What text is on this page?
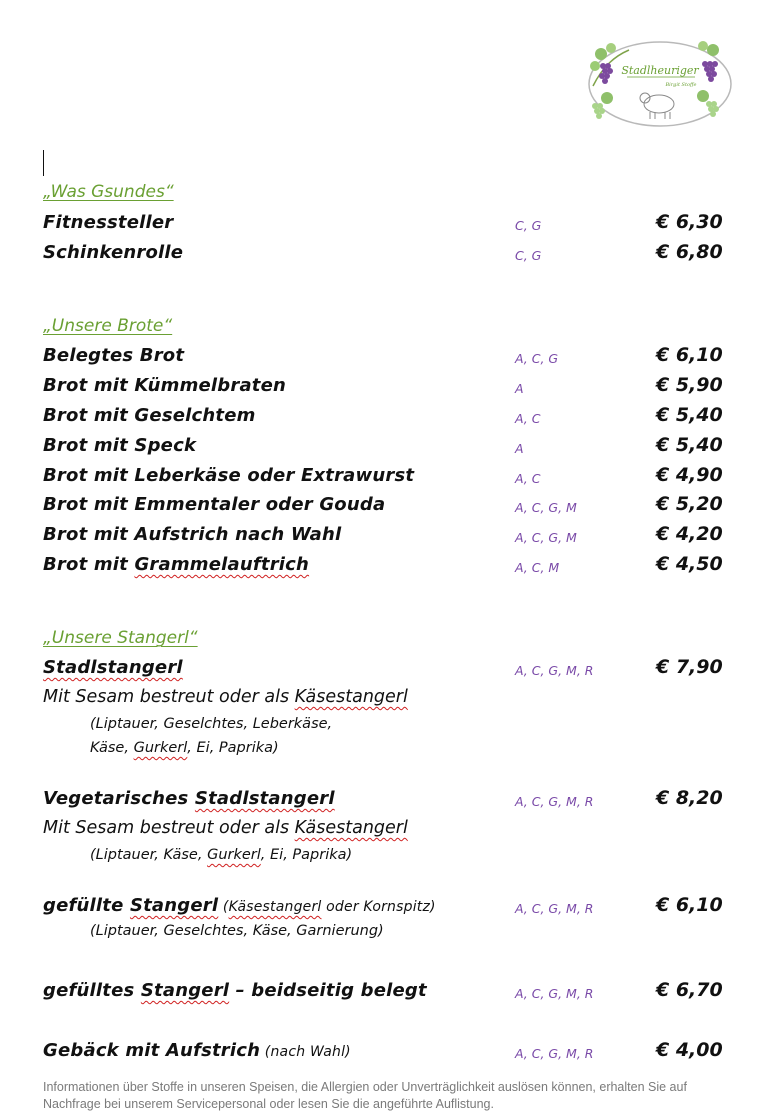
Stadlheuriger
Birgit Stoffe
„Was Gsundes“
Fitnessteller	C, G	€ 6,30
Schinkenrolle	C, G	€ 6,80
„Unsere Brote“
Belegtes Brot	A, C, G	€ 6,10
Brot mit Kümmelbraten	A	€ 5,90
Brot mit Geselchtem	A, C	€ 5,40
Brot mit Speck	A	€ 5,40
Brot mit Leberkäse oder Extrawurst	A, C	€ 4,90
Brot mit Emmentaler oder Gouda	A, C, G, M	€ 5,20
Brot mit Aufstrich nach Wahl	A, C, G, M	€ 4,20
Brot mit Grammelauftrich	A, C, M	€ 4,50
„Unsere Stangerl“
Stadlstangerl	A, C, G, M, R	€ 7,90
Mit Sesam bestreut oder als Käsestangerl
(Liptauer, Geselchtes, Leberkäse,
Käse, Gurkerl, Ei, Paprika)
Vegetarisches Stadlstangerl	A, C, G, M, R	€ 8,20
Mit Sesam bestreut oder als Käsestangerl
(Liptauer, Käse, Gurkerl, Ei, Paprika)
gefüllte Stangerl (Käsestangerl oder Kornspitz)	A, C, G, M, R	€ 6,10
(Liptauer, Geselchtes, Käse, Garnierung)
gefülltes Stangerl – beidseitig belegt	A, C, G, M, R	€ 6,70
Gebäck mit Aufstrich (nach Wahl)	A, C, G, M, R	€ 4,00
Informationen über Stoffe in unseren Speisen, die Allergien oder Unverträglichkeit auslösen können, erhalten Sie auf Nachfrage bei unserem Servicepersonal oder lesen Sie die angeführte Auflistung.
